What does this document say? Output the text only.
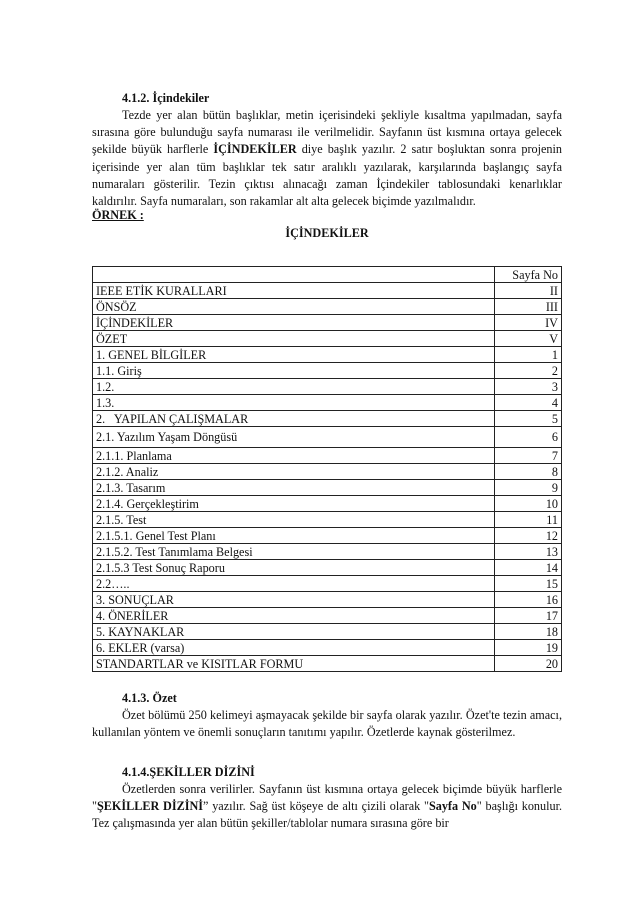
4.1.2. İçindekiler

Tezde yer alan bütün başlıklar, metin içerisindeki şekliyle kısaltma yapılmadan, sayfa sırasına göre bulunduğu sayfa numarası ile verilmelidir. Sayfanın üst kısmına ortaya gelecek şekilde büyük harflerle İÇİNDEKİLER diye başlık yazılır. 2 satır boşluktan sonra projenin içerisinde yer alan tüm başlıklar tek satır aralıklı yazılarak, karşılarında başlangıç sayfa numaraları gösterilir. Tezin çıktısı alınacağı zaman İçindekiler tablosundaki kenarlıklar kaldırılır. Sayfa numaraları, son rakamlar alt alta gelecek biçimde yazılmalıdır.

ÖRNEK :

İÇİNDEKİLER

	Sayfa No
IEEE ETİK KURALLARI	II
ÖNSÖZ	III
İÇİNDEKİLER	IV
ÖZET	V
1. GENEL BİLGİLER	1
1.1. Giriş	2
1.2.	3
1.3.	4
2.   YAPILAN ÇALIŞMALAR	5
2.1. Yazılım Yaşam Döngüsü	6
2.1.1. Planlama	7
2.1.2. Analiz	8
2.1.3. Tasarım	9
2.1.4. Gerçekleştirim	10
2.1.5. Test	11
2.1.5.1. Genel Test Planı	12
2.1.5.2. Test Tanımlama Belgesi	13
2.1.5.3 Test Sonuç Raporu	14
2.2…..	15
3. SONUÇLAR	16
4. ÖNERİLER	17
5. KAYNAKLAR	18
6. EKLER (varsa)	19
STANDARTLAR ve KISITLAR FORMU	20

4.1.3. Özet

Özet bölümü 250 kelimeyi aşmayacak şekilde bir sayfa olarak yazılır. Özet'te tezin amacı, kullanılan yöntem ve önemli sonuçların tanıtımı yapılır. Özetlerde kaynak gösterilmez.

4.1.4.ŞEKİLLER DİZİNİ

Özetlerden sonra verilirler. Sayfanın üst kısmına ortaya gelecek biçimde büyük harflerle "ŞEKİLLER DİZİNİ” yazılır. Sağ üst köşeye de altı çizili olarak "Sayfa No" başlığı konulur. Tez çalışmasında yer alan bütün şekiller/tablolar numara sırasına göre bir
